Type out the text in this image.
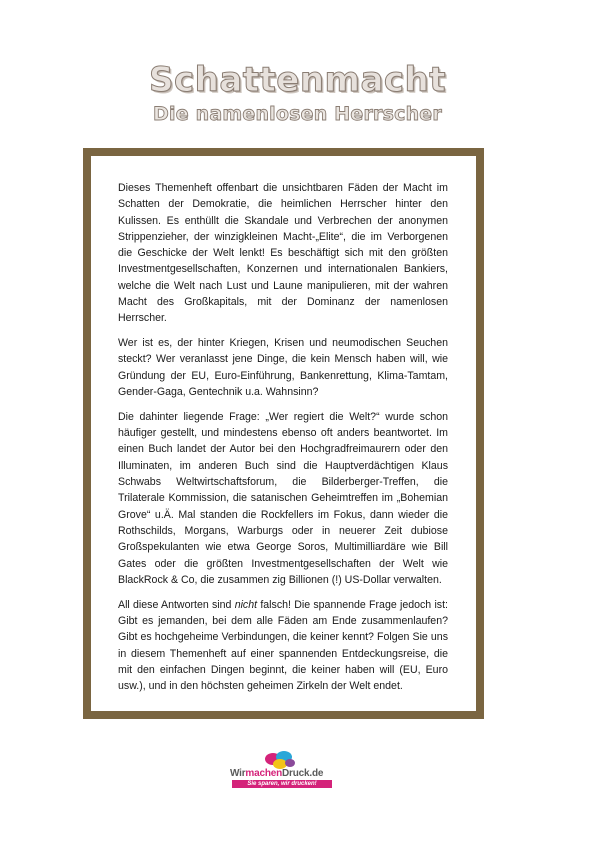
Schattenmacht
Die namenlosen Herrscher

Dieses Themenheft offenbart die unsichtbaren Fäden der Macht im Schatten der Demokratie, die heimlichen Herrscher hinter den Kulissen. Es enthüllt die Skandale und Verbrechen der anonymen Strippenzieher, der winzigkleinen Macht-„Elite“, die im Verborgenen die Geschicke der Welt lenkt! Es beschäftigt sich mit den größten Investmentgesellschaften, Konzernen und internationalen Bankiers, welche die Welt nach Lust und Laune manipulieren, mit der wahren Macht des Großkapitals, mit der Dominanz der namenlosen Herrscher.

Wer ist es, der hinter Kriegen, Krisen und neumodischen Seuchen steckt? Wer veranlasst jene Dinge, die kein Mensch haben will, wie Gründung der EU, Euro-Einführung, Bankenrettung, Klima-Tamtam, Gender-Gaga, Gentechnik u.a. Wahnsinn?

Die dahinter liegende Frage: „Wer regiert die Welt?“ wurde schon häufiger gestellt, und mindestens ebenso oft anders beantwortet. Im einen Buch landet der Autor bei den Hochgradfreimaurern oder den Illuminaten, im anderen Buch sind die Hauptverdächtigen Klaus Schwabs Weltwirtschaftsforum, die Bilderberger-Treffen, die Trilaterale Kommission, die satanischen Geheimtreffen im „Bohemian Grove“ u.Ä. Mal standen die Rockfellers im Fokus, dann wieder die Rothschilds, Morgans, Warburgs oder in neuerer Zeit dubiose Großspekulanten wie etwa George Soros, Multimilliardäre wie Bill Gates oder die größten Investmentgesellschaften der Welt wie BlackRock & Co, die zusammen zig Billionen (!) US-Dollar verwalten.

All diese Antworten sind nicht falsch! Die spannende Frage jedoch ist: Gibt es jemanden, bei dem alle Fäden am Ende zusammenlaufen? Gibt es hochgeheime Verbindungen, die keiner kennt? Folgen Sie uns in diesem Themenheft auf einer spannenden Entdeckungsreise, die mit den einfachen Dingen beginnt, die keiner haben will (EU, Euro usw.), und in den höchsten geheimen Zirkeln der Welt endet.

WirmachenDruck.de
Sie sparen, wir drucken!
